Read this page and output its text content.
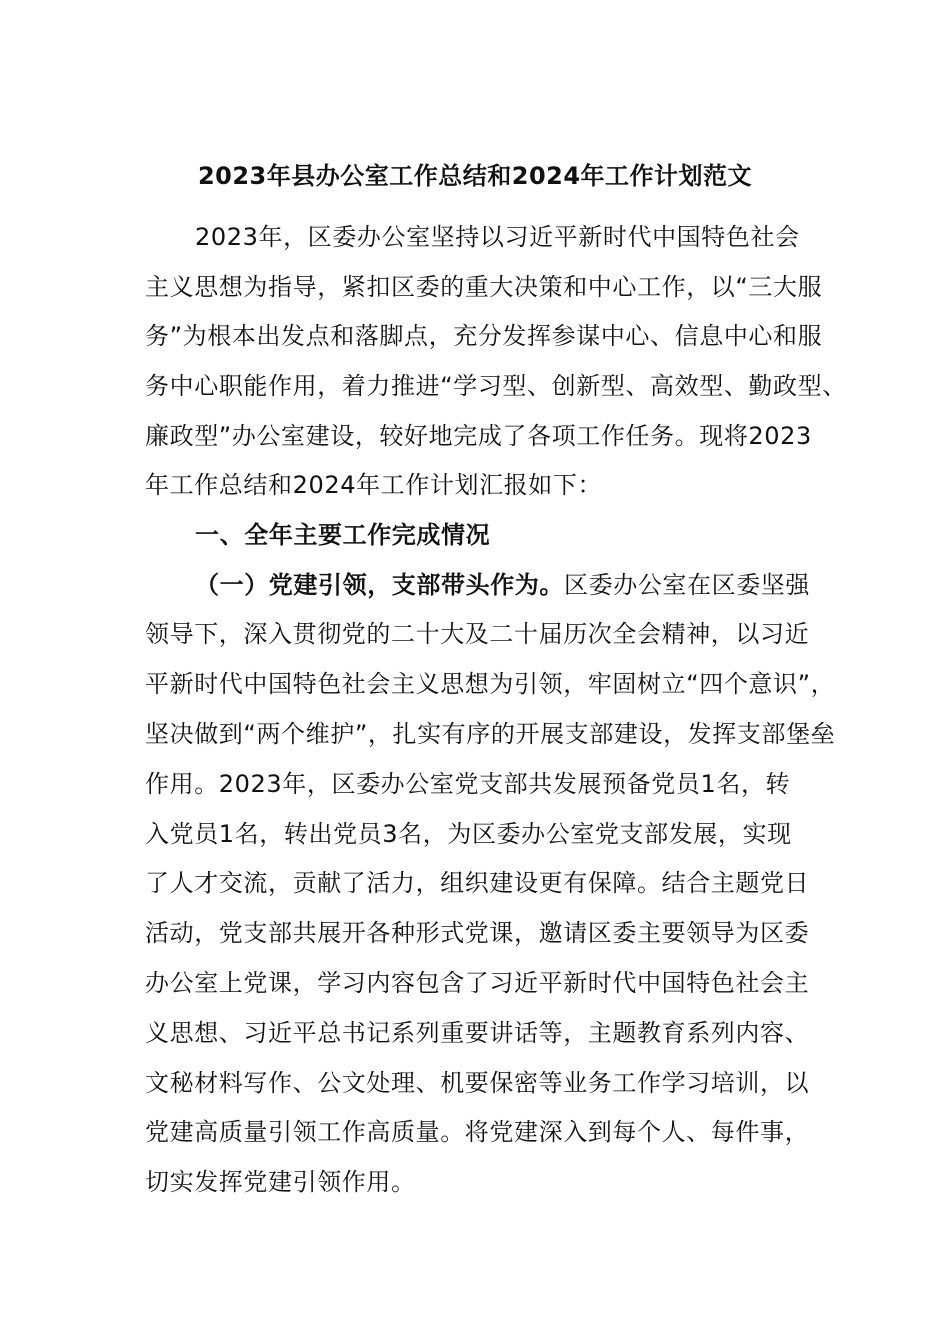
2023年县办公室工作总结和2024年工作计划范文
2023年，区委办公室坚持以习近平新时代中国特色社会
主义思想为指导，紧扣区委的重大决策和中心工作，以“三大服
务”为根本出发点和落脚点，充分发挥参谋中心、信息中心和服
务中心职能作用，着力推进“学习型、创新型、高效型、勤政型、
廉政型”办公室建设，较好地完成了各项工作任务。现将2023
年工作总结和2024年工作计划汇报如下：
一、全年主要工作完成情况
（一）党建引领，支部带头作为。区委办公室在区委坚强
领导下，深入贯彻党的二十大及二十届历次全会精神，以习近
平新时代中国特色社会主义思想为引领，牢固树立“四个意识”，
坚决做到“两个维护”，扎实有序的开展支部建设，发挥支部堡垒
作用。2023年，区委办公室党支部共发展预备党员1名，转
入党员1名，转出党员3名，为区委办公室党支部发展，实现
了人才交流，贡献了活力，组织建设更有保障。结合主题党日
活动，党支部共展开各种形式党课，邀请区委主要领导为区委
办公室上党课，学习内容包含了习近平新时代中国特色社会主
义思想、习近平总书记系列重要讲话等，主题教育系列内容、
文秘材料写作、公文处理、机要保密等业务工作学习培训，以
党建高质量引领工作高质量。将党建深入到每个人、每件事，
切实发挥党建引领作用。
